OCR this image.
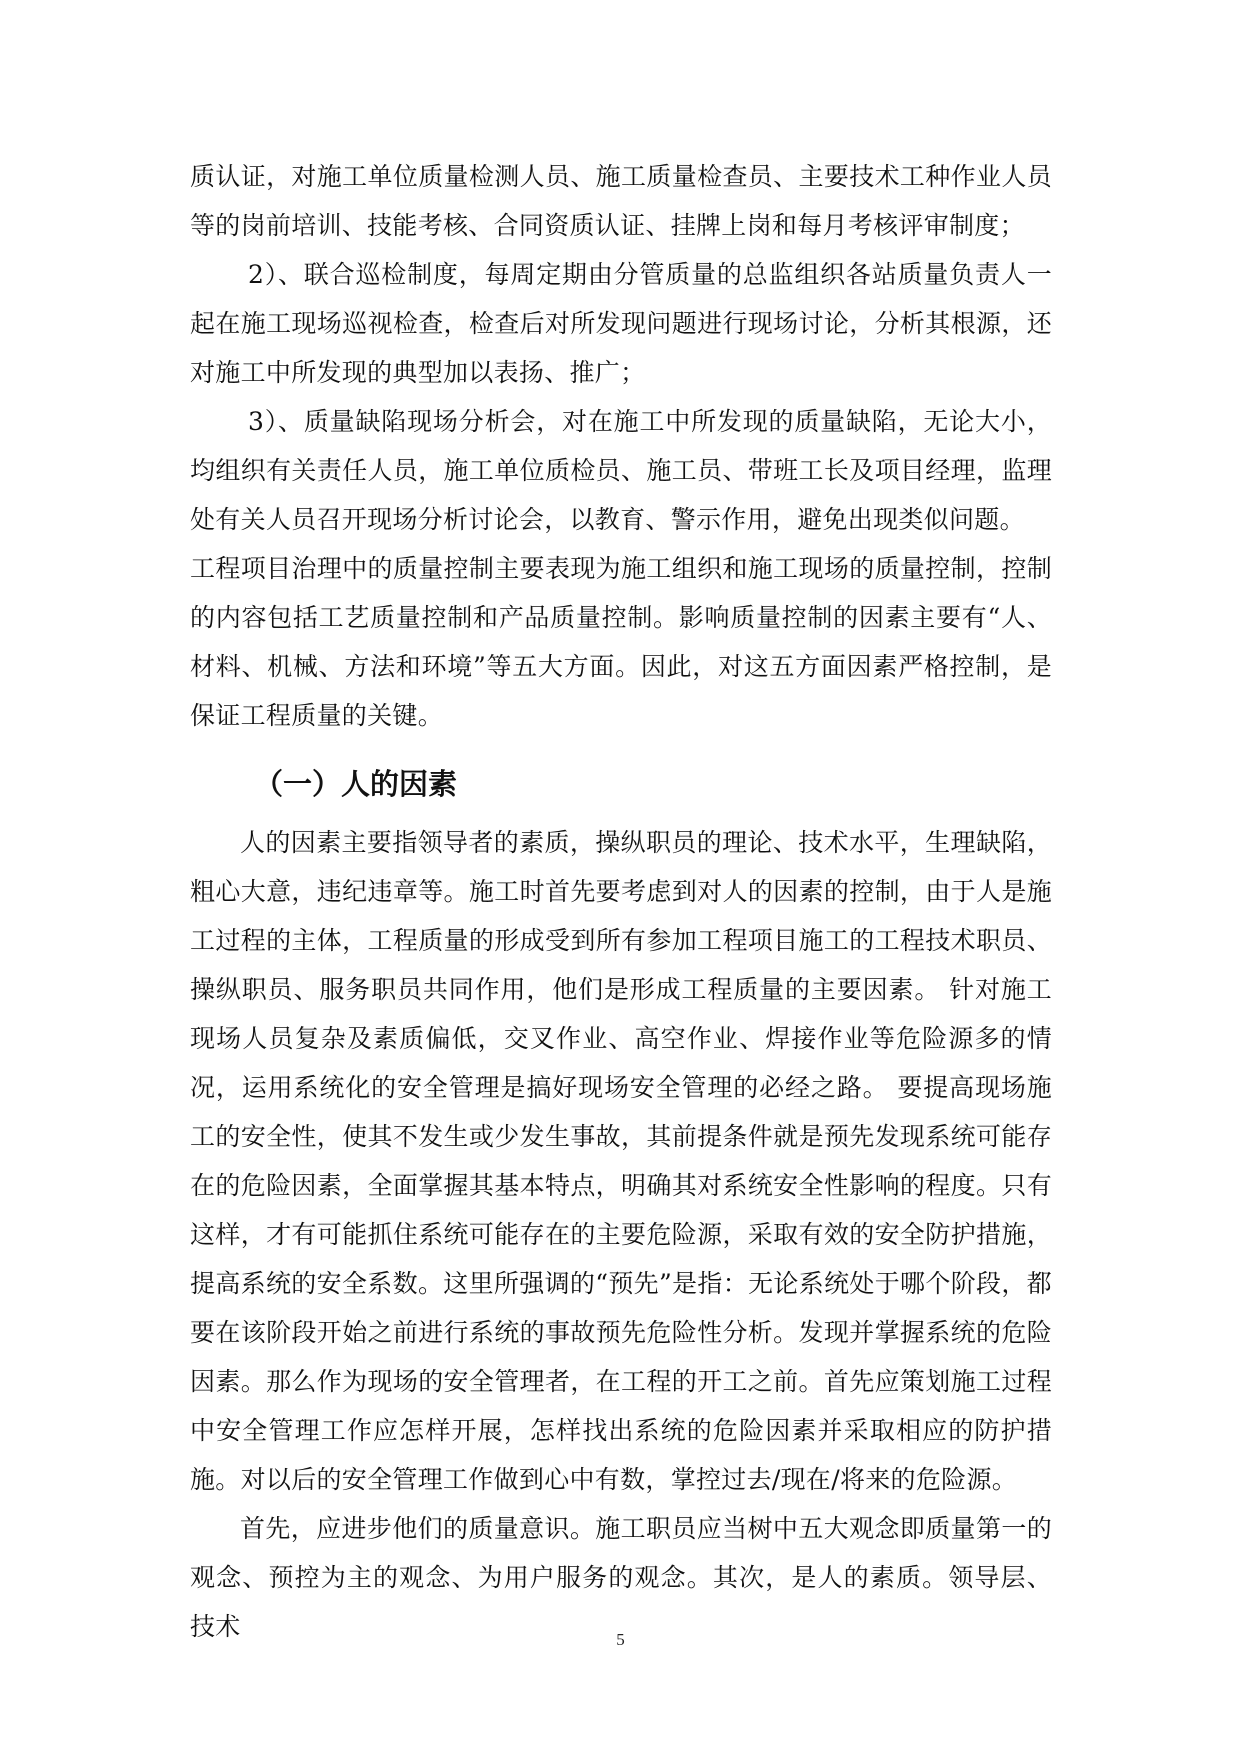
质认证，对施工单位质量检测人员、施工质量检查员、主要技术工种作业人员等的岗前培训、技能考核、合同资质认证、挂牌上岗和每月考核评审制度；

2）、联合巡检制度，每周定期由分管质量的总监组织各站质量负责人一起在施工现场巡视检查，检查后对所发现问题进行现场讨论，分析其根源，还对施工中所发现的典型加以表扬、推广；

3）、质量缺陷现场分析会，对在施工中所发现的质量缺陷，无论大小，均组织有关责任人员，施工单位质检员、施工员、带班工长及项目经理，监理处有关人员召开现场分析讨论会，以教育、警示作用，避免出现类似问题。

工程项目治理中的质量控制主要表现为施工组织和施工现场的质量控制，控制的内容包括工艺质量控制和产品质量控制。影响质量控制的因素主要有“人、材料、机械、方法和环境”等五大方面。因此，对这五方面因素严格控制，是保证工程质量的关键。

（一）人的因素

人的因素主要指领导者的素质，操纵职员的理论、技术水平，生理缺陷，粗心大意，违纪违章等。施工时首先要考虑到对人的因素的控制，由于人是施 工过程的主体，工程质量的形成受到所有参加工程项目施工的工程技术职员、操纵职员、服务职员共同作用，他们是形成工程质量的主要因素。 针对施工现场人员复杂及素质偏低，交叉作业、高空作业、焊接作业等危险源多的情况，运用系统化的安全管理是搞好现场安全管理的必经之路。 要提高现场施工的安全性，使其不发生或少发生事故，其前提条件就是预先发现系统可能存在的危险因素，全面掌握其基本特点，明确其对系统安全性影响的程度。只有这样，才有可能抓住系统可能存在的主要危险源，采取有效的安全防护措施，提高系统的安全系数。这里所强调的“预先”是指：无论系统处于哪个阶段，都要在该阶段开始之前进行系统的事故预先危险性分析。发现并掌握系统的危险因素。那么作为现场的安全管理者，在工程的开工之前。首先应策划施工过程中安全管理工作应怎样开展，怎样找出系统的危险因素并采取相应的防护措施。对以后的安全管理工作做到心中有数，掌控过去/现在/将来的危险源。

首先，应进步他们的质量意识。施工职员应当树中五大观念即质量第一的观念、预控为主的观念、为用户服务的观念。其次，是人的素质。领导层、 技术	5
